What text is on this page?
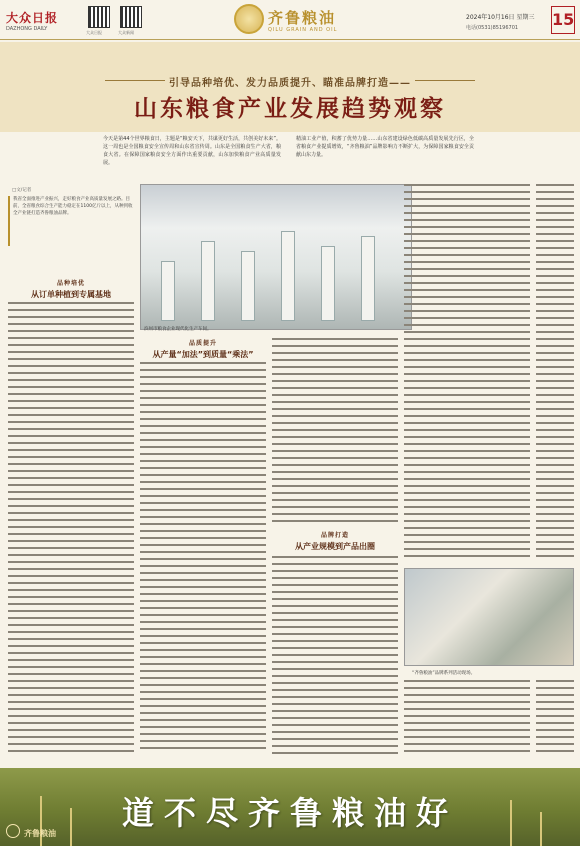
大众日报
DAZHONG DAILY
大众日报	大众新闻
齐鲁粮油
QILU GRAIN AND OIL
2024年10月16日 星期三
电话(0531)85196701 15
引导品种培优、发力品质提升、瞄准品牌打造——
山东粮食产业发展趋势观察
今天是第44个世界粮食日，主题是“粮安天下，共谋更好生活，共创美好未来”。这一周也是全国粮食安全宣传周和山东省宣传周。山东是全国粮食生产大省，粮食大省。在保障国家粮食安全方面作出重要贡献，山东加快粮食产业高质量发展。
精油工业产值，积蓄了优势力量……山东省建设绿色低碳高质量发展先行区，全省粮食产业提质增效，“齐鲁粮油”品牌影响力不断扩大，为保障国家粮食安全贡献山东力量。
□文/记者
我省全面推进产业振兴，走好粮食产业高质量发展之路。目前，全省粮食综合生产能力稳定在1100亿斤以上，从种到收全产业链打造齐鲁粮油品牌。
品种培优
从订单种植到专属基地
滨州市粮食企业现代化生产车间。
品质提升
从产量“加法”到质量“乘法”
品牌打造
从产业规模到产品出圈
“齐鲁粮油”品牌系列活动现场。
道不尽齐鲁粮油好
齐鲁粮油
